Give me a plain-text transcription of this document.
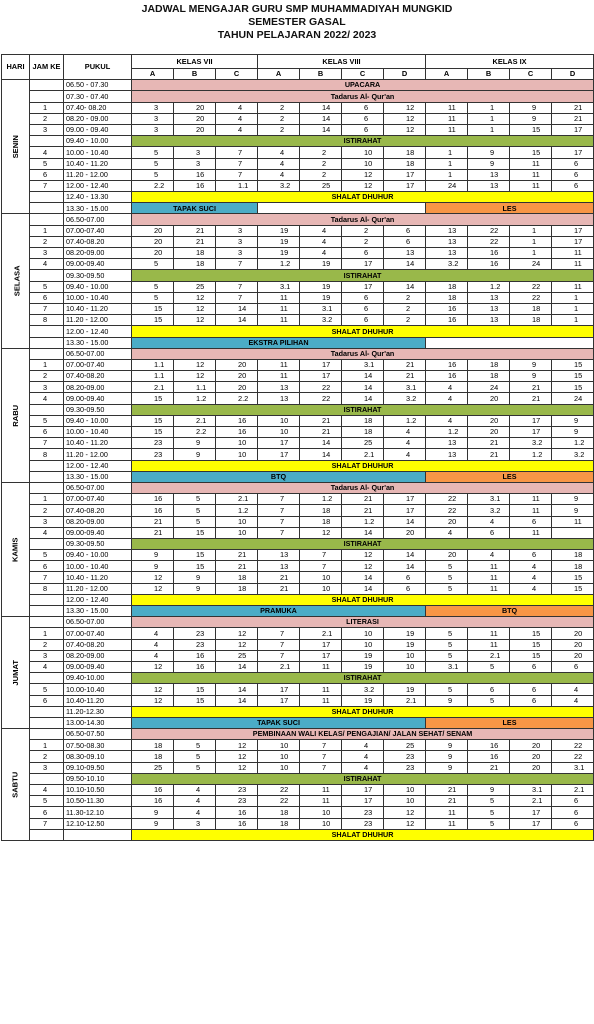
JADWAL MENGAJAR GURU SMP MUHAMMADIYAH MUNGKID
SEMESTER GASAL
TAHUN PELAJARAN 2022/ 2023
HARI	JAM KE	PUKUL	KELAS VII			KELAS VIII				KELAS IX			
			A	B	C	A	B	C	D	A	B	C	D
SENIN		06.50 - 07.30	UPACARA										
		07.30 - 07.40	Tadarus Al- Qur'an										
	1	07.40- 08.20	3	20	4	2	14	6	12	11	1	9	21
	2	08.20 - 09.00	3	20	4	2	14	6	12	11	1	9	21
	3	09.00 - 09.40	3	20	4	2	14	6	12	11	1	15	17
		09.40 - 10.00	ISTIRAHAT										
	4	10.00 - 10.40	5	3	7	4	2	10	18	1	9	15	17
	5	10.40 - 11.20	5	3	7	4	2	10	18	1	9	11	6
	6	11.20 - 12.00	5	16	7	4	2	12	17	1	13	11	6
	7	12.00 - 12.40	2.2	16	1.1	3.2	25	12	17	24	13	11	6
		12.40 - 13.30	SHALAT DHUHUR										
		13.30 - 15.00	TAPAK SUCI							LES			
SELASA		06.50-07.00	Tadarus Al- Qur'an										
	1	07.00-07.40	20	21	3	19	4	2	6	13	22	1	17
	2	07.40-08.20	20	21	3	19	4	2	6	13	22	1	17
	3	08.20-09.00	20	18	3	19	4	6	13	13	16	1	11
	4	09.00-09.40	5	18	7	1.2	19	17	14	3.2	16	24	11
		09.30-09.50	ISTIRAHAT										
	5	09.40 - 10.00	5	25	7	3.1	19	17	14	18	1.2	22	11
	6	10.00 - 10.40	5	12	7	11	19	6	2	18	13	22	1
	7	10.40 - 11.20	15	12	14	11	3.1	6	2	16	13	18	1
	8	11.20 - 12.00	15	12	14	11	3.2	6	2	16	13	18	1
		12.00 - 12.40	SHALAT DHUHUR										
		13.30 - 15.00	EKSTRA PILIHAN										
RABU		06.50-07.00	Tadarus Al- Qur'an										
	1	07.00-07.40	1.1	12	20	11	17	3.1	21	16	18	9	15
	2	07.40-08.20	1.1	12	20	11	17	14	21	16	18	9	15
	3	08.20-09.00	2.1	1.1	20	13	22	14	3.1	4	24	21	15
	4	09.00-09.40	15	1.2	2.2	13	22	14	3.2	4	20	21	24
		09.30-09.50	ISTIRAHAT										
	5	09.40 - 10.00	15	2.1	16	10	21	18	1.2	4	20	17	9
	6	10.00 - 10.40	15	2.2	16	10	21	18	4	1.2	20	17	9
	7	10.40 - 11.20	23	9	10	17	14	25	4	13	21	3.2	1.2
	8	11.20 - 12.00	23	9	10	17	14	2.1	4	13	21	1.2	3.2
		12.00 - 12.40	SHALAT DHUHUR										
		13.30 - 15.00	BTQ							LES			
KAMIS		06.50-07.00	Tadarus Al- Qur'an										
	1	07.00-07.40	16	5	2.1	7	1.2	21	17	22	3.1	11	9
	2	07.40-08.20	16	5	1.2	7	18	21	17	22	3.2	11	9
	3	08.20-09.00	21	5	10	7	18	1.2	14	20	4	6	11
	4	09.00-09.40	21	15	10	7	12	14	20	4	6	11	
		09.30-09.50	ISTIRAHAT										
	5	09.40 - 10.00	9	15	21	13	7	12	14	20	4	6	18
	6	10.00 - 10.40	9	15	21	13	7	12	14	5	11	4	18
	7	10.40 - 11.20	12	9	18	21	10	14	6	5	11	4	15
	8	11.20 - 12.00	12	9	18	21	10	14	6	5	11	4	15
		12.00 - 12.40	SHALAT DHUHUR										
		13.30 - 15.00	PRAMUKA							BTQ			
JUMAT		06.50-07.00	LITERASI										
	1	07.00-07.40	4	23	12	7	2.1	10	19	5	11	15	20
	2	07.40-08.20	4	23	12	7	17	10	19	5	11	15	20
	3	08.20-09.00	4	16	25	7	17	19	10	5	2.1	15	20
	4	09.00-09.40	12	16	14	2.1	11	19	10	3.1	5	6	6
		09.40-10.00	ISTIRAHAT										
	5	10.00-10.40	12	15	14	17	11	3.2	19	5	6	6	4
	6	10.40-11.20	12	15	14	17	11	19	2.1	9	5	6	4
		11.20-12.30	SHALAT DHUHUR										
		13.00-14.30	TAPAK SUCI							LES			
SABTU		06.50-07.50	PEMBINAAN WALI KELAS/ PENGAJIAN/ JALAN SEHAT/ SENAM										
	1	07.50-08.30	18	5	12	10	7	4	25	9	16	20	22
	2	08.30-09.10	18	5	12	10	7	4	23	9	16	20	22
	3	09.10-09.50	25	5	12	10	7	4	23	9	21	20	3.1
		09.50-10.10	ISTIRAHAT										
	4	10.10-10.50	16	4	23	22	11	17	10	21	9	3.1	2.1
	5	10.50-11.30	16	4	23	22	11	17	10	21	5	2.1	6
	6	11.30-12.10	9	4	16	18	10	23	12	11	5	17	6
	7	12.10-12.50	9	3	16	18	10	23	12	11	5	17	6
			SHALAT DHUHUR										
